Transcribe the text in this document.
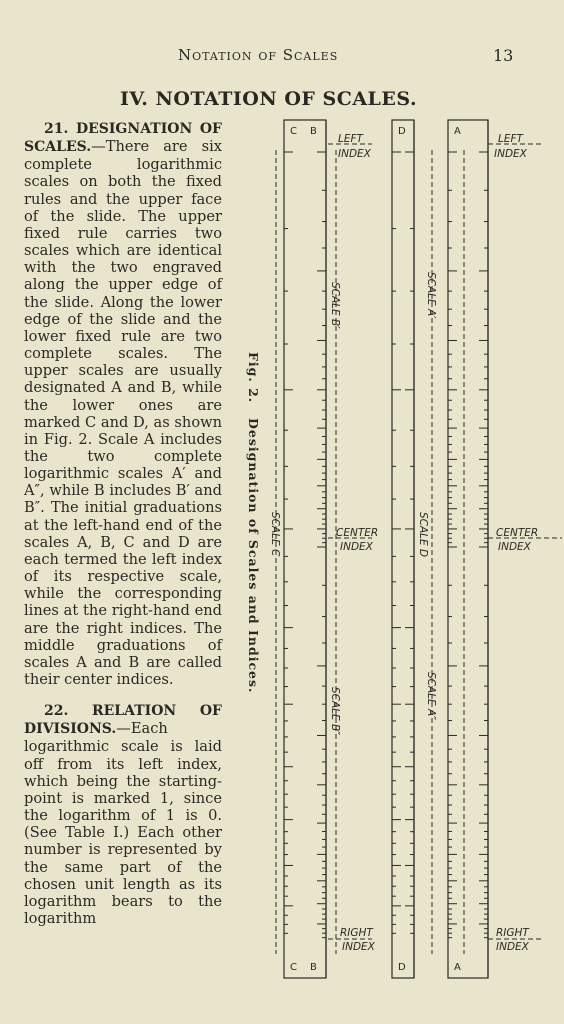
Notation of Scales	13
IV. NOTATION OF SCALES.

21. DESIGNATION OF SCALES.—There are six complete logarithmic scales on both the fixed rules and the upper face of the slide. The upper fixed rule carries two scales which are identical with the two engraved along the upper edge of the slide. Along the lower edge of the slide and the lower fixed rule are two complete scales. The upper scales are usually designated A and B, while the lower ones are marked C and D, as shown in Fig. 2. Scale A includes the two complete logarithmic scales A′ and A″, while B includes B′ and B″. The initial graduations at the left-hand end of the scales A, B, C and D are each termed the left index of its respective scale, while the corresponding lines at the right-hand end are the right indices. The middle graduations of scales A and B are called their center indices.

22. RELATION OF DIVISIONS.—Each logarithmic scale is laid off from its left index, which being the starting-point is marked 1, since the logarithm of 1 is 0. (See Table I.) Each other number is represented by the same part of the chosen unit length as its logarithm bears to the logarithm

Fig. 2.   Designation of Scales and Indices.
C B	D	A
C B	D	A
LEFT
INDEX
LEFT
INDEX
CENTER
INDEX
CENTER
INDEX
RIGHT
INDEX
RIGHT
INDEX
SCALE B′
SCALE B″
SCALE A′
SCALE A″
SCALE C	SCALE D
